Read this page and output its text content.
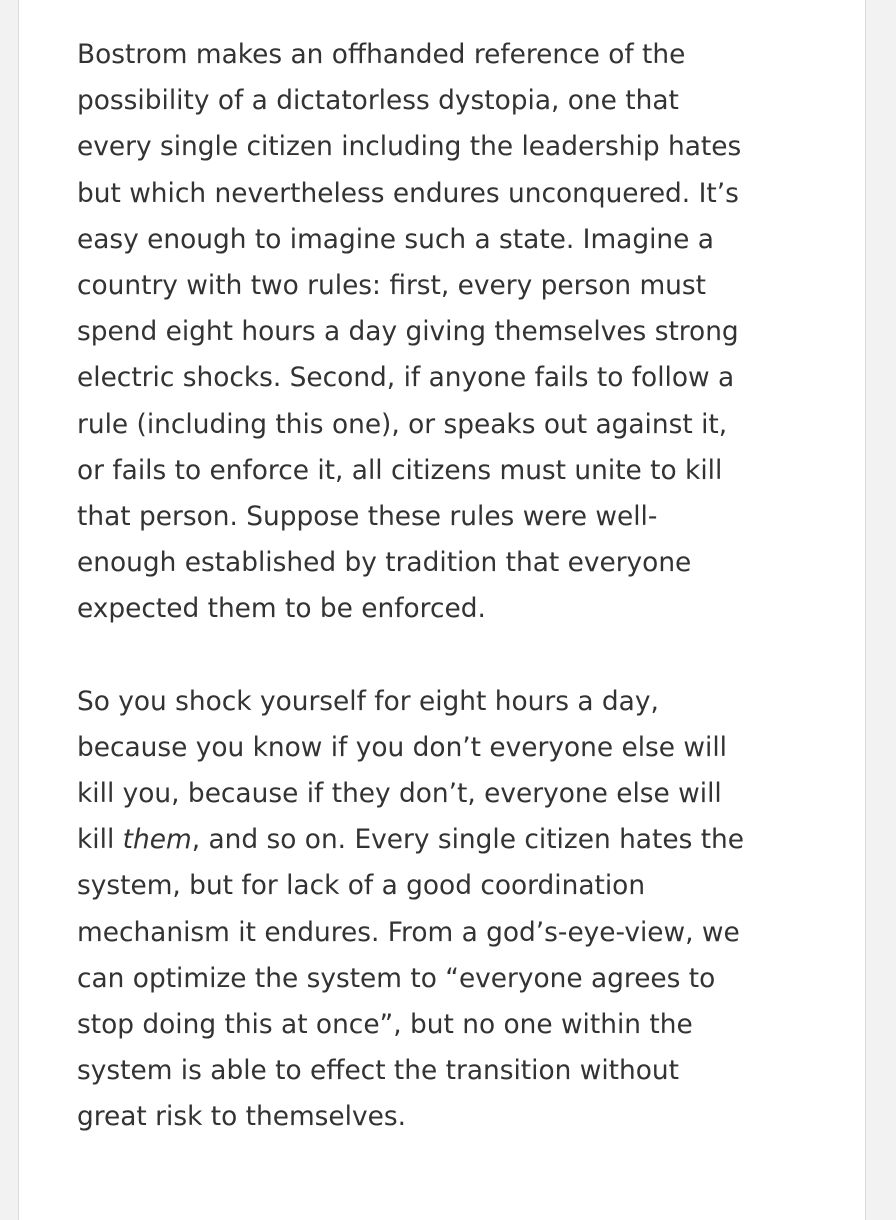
Bostrom makes an offhanded reference of the
possibility of a dictatorless dystopia, one that
every single citizen including the leadership hates
but which nevertheless endures unconquered. It’s
easy enough to imagine such a state. Imagine a
country with two rules: first, every person must
spend eight hours a day giving themselves strong
electric shocks. Second, if anyone fails to follow a
rule (including this one), or speaks out against it,
or fails to enforce it, all citizens must unite to kill
that person. Suppose these rules were well-
enough established by tradition that everyone
expected them to be enforced.

So you shock yourself for eight hours a day,
because you know if you don’t everyone else will
kill you, because if they don’t, everyone else will
kill them, and so on. Every single citizen hates the
system, but for lack of a good coordination
mechanism it endures. From a god’s-eye-view, we
can optimize the system to “everyone agrees to
stop doing this at once”, but no one within the
system is able to effect the transition without
great risk to themselves.
